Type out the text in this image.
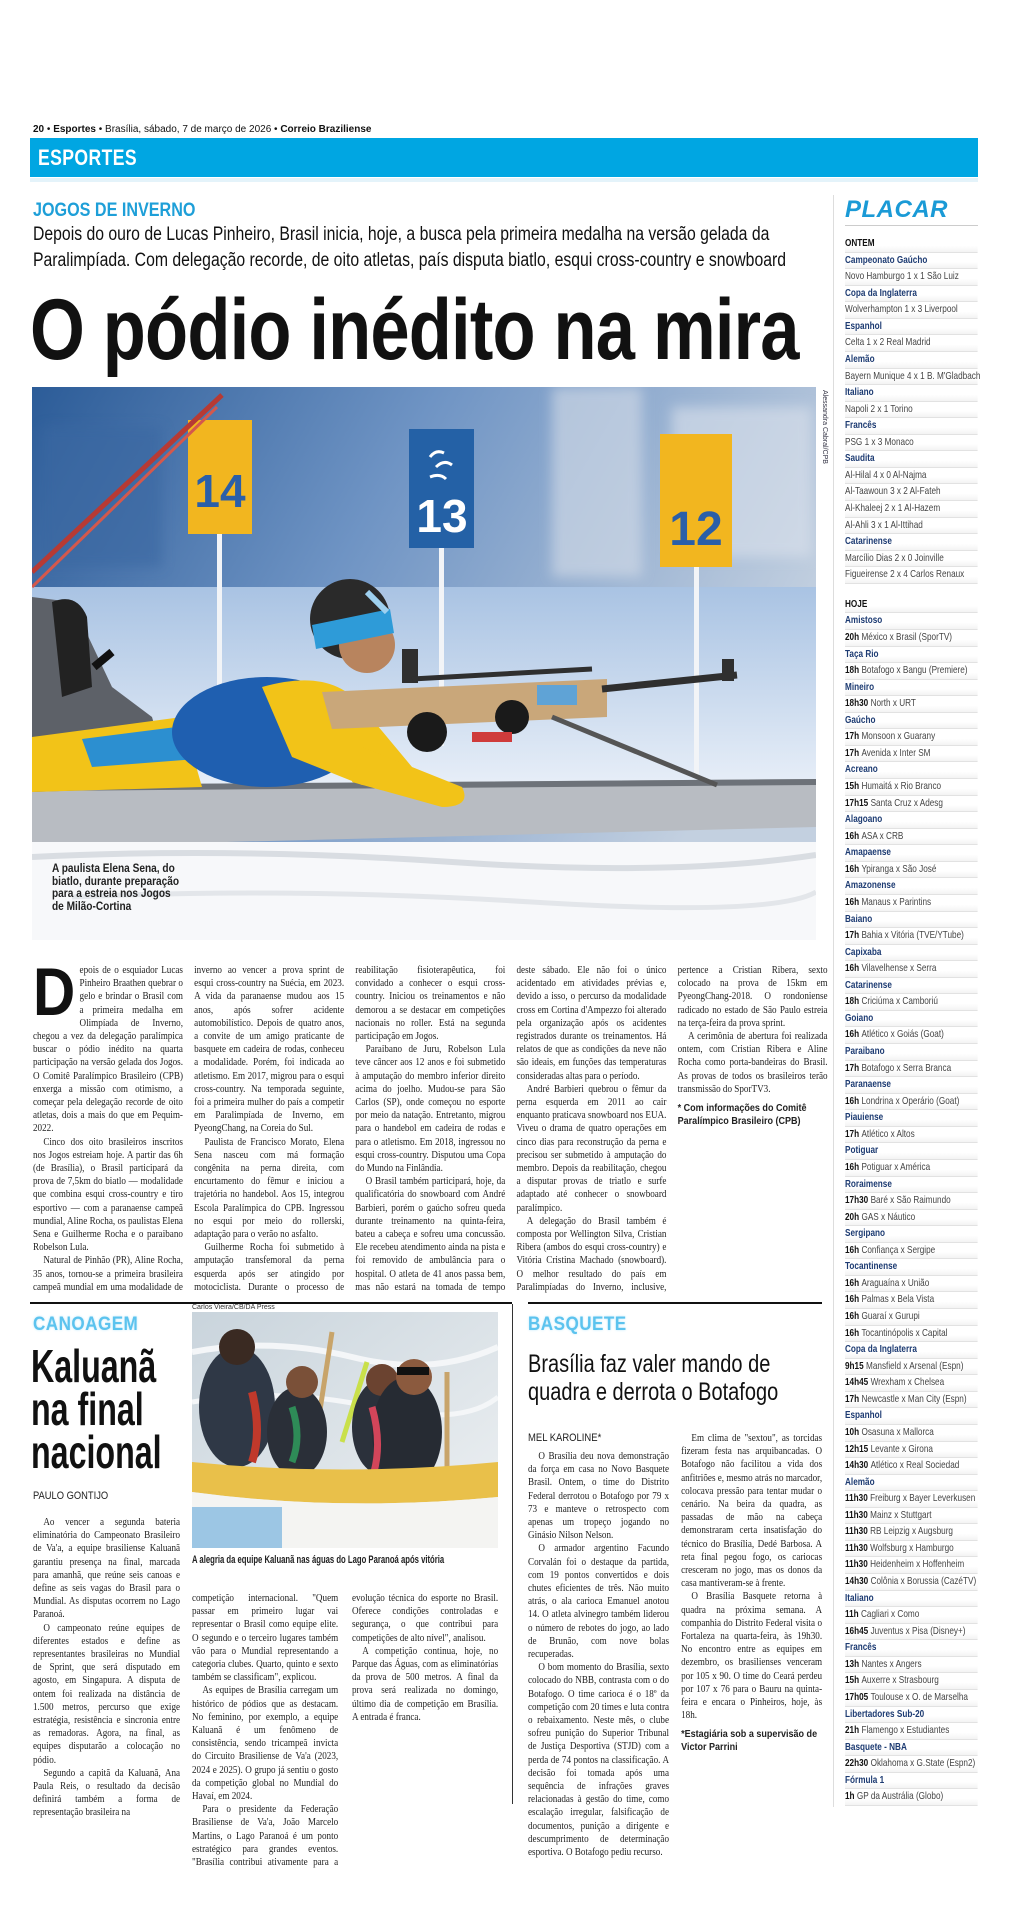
20 • Esportes • Brasília, sábado, 7 de março de 2026 • Correio Braziliense
ESPORTES
JOGOS DE INVERNO
Depois do ouro de Lucas Pinheiro, Brasil inicia, hoje, a busca pela primeira medalha na versão gelada da
Paralimpíada. Com delegação recorde, de oito atletas, país disputa biatlo, esqui cross-country e snowboard
O pódio inédito na mira
14	13	12
A paulista Elena Sena, do biatlo, durante preparação para a estreia nos Jogos de Milão-Cortina
Alessandra Cabral/CPB

Depois de o esquiador Lucas Pinheiro Braathen quebrar o gelo e brindar o Brasil com a primeira medalha em Olimpíada de Inverno, chegou a vez da delegação paralímpica buscar o pódio inédito na quarta participação na versão gelada dos Jogos. O Comitê Paralímpico Brasileiro (CPB) enxerga a missão com otimismo, a começar pela delegação recorde de oito atletas, dois a mais do que em Pequim-2022.

Cinco dos oito brasileiros inscritos nos Jogos estreiam hoje. A partir das 6h (de Brasília), o Brasil participará da prova de 7,5km do biatlo — modalidade que combina esqui cross-country e tiro esportivo — com a paranaense campeã mundial, Aline Rocha, os paulistas Elena Sena e Guilherme Rocha e o paraibano Robelson Lula.

Natural de Pinhão (PR), Aline Rocha, 35 anos, tornou-se a primeira brasileira campeã mundial em uma modalidade de inverno ao vencer a prova sprint de esqui cross-country na Suécia, em 2023. A vida da paranaense mudou aos 15 anos, após sofrer acidente automobilístico. Depois de quatro anos, a convite de um amigo praticante de basquete em cadeira de rodas, conheceu a modalidade. Porém, foi indicada ao atletismo. Em 2017, migrou para o esqui cross-country. Na temporada seguinte, foi a primeira mulher do país a competir em Paralimpíada de Inverno, em PyeongChang, na Coreia do Sul.

Paulista de Francisco Morato, Elena Sena nasceu com má formação congênita na perna direita, com encurtamento do fêmur e iniciou a trajetória no handebol. Aos 15, integrou Escola Paralímpica do CPB. Ingressou no esqui por meio do rollerski, adaptação para o verão no asfalto.

Guilherme Rocha foi submetido à amputação transfemoral da perna esquerda após ser atingido por motociclista. Durante o processo de reabilitação fisioterapêutica, foi convidado a conhecer o esqui cross-country. Iniciou os treinamentos e não demorou a se destacar em competições nacionais no roller. Está na segunda participação em Jogos.

Paraibano de Juru, Robelson Lula teve câncer aos 12 anos e foi submetido à amputação do membro inferior direito acima do joelho. Mudou-se para São Carlos (SP), onde começou no esporte por meio da natação. Entretanto, migrou para o handebol em cadeira de rodas e para o atletismo. Em 2018, ingressou no esqui cross-country. Disputou uma Copa do Mundo na Finlândia.

O Brasil também participará, hoje, da qualificatória do snowboard com André Barbieri, porém o gaúcho sofreu queda durante treinamento na quinta-feira, bateu a cabeça e sofreu uma concussão. Ele recebeu atendimento ainda na pista e foi removido de ambulância para o hospital. O atleta de 41 anos passa bem, mas não estará na tomada de tempo deste sábado. Ele não foi o único acidentado em atividades prévias e, devido a isso, o percurso da modalidade cross em Cortina d'Ampezzo foi alterado pela organização após os acidentes registrados durante os treinamentos. Há relatos de que as condições da neve não são ideais, em funções das temperaturas consideradas altas para o período.

André Barbieri quebrou o fêmur da perna esquerda em 2011 ao cair enquanto praticava snowboard nos EUA. Viveu o drama de quatro operações em cinco dias para reconstrução da perna e precisou ser submetido à amputação do membro. Depois da reabilitação, chegou a disputar provas de triatlo e surfe adaptado até conhecer o snowboard paralímpico.

A delegação do Brasil também é composta por Wellington Silva, Cristian Ribera (ambos do esqui cross-country) e Vitória Cristina Machado (snowboard). O melhor resultado do país em Paralimpíadas do Inverno, inclusive, pertence a Cristian Ribera, sexto colocado na prova de 15km em PyeongChang-2018. O rondoniense radicado no estado de São Paulo estreia na terça-feira da prova sprint.

A cerimônia de abertura foi realizada ontem, com Cristian Ribera e Aline Rocha como porta-bandeiras do Brasil. As provas de todos os brasileiros terão transmissão do SporTV3.

* Com informações do Comitê Paralímpico Brasileiro (CPB)

CANOAGEM
Kaluanã
na final
nacional
PAULO GONTIJO

Ao vencer a segunda bateria eliminatória do Campeonato Brasileiro de Va'a, a equipe brasiliense Kaluanã garantiu presença na final, marcada para amanhã, que reúne seis canoas e define as seis vagas do Brasil para o Mundial. As disputas ocorrem no Lago Paranoá.

O campeonato reúne equipes de diferentes estados e define as representantes brasileiras no Mundial de Sprint, que será disputado em agosto, em Singapura. A disputa de ontem foi realizada na distância de 1.500 metros, percurso que exige estratégia, resistência e sincronia entre as remadoras. Agora, na final, as equipes disputarão a colocação no pódio.

Segundo a capitã da Kaluanã, Ana Paula Reis, o resultado da decisão definirá também a forma de representação brasileira na

Carlos Vieira/CB/DA Press
A alegria da equipe Kaluanã nas águas do Lago Paranoá após vitória

competição internacional. "Quem passar em primeiro lugar vai representar o Brasil como equipe elite. O segundo e o terceiro lugares também vão para o Mundial representando a categoria clubes. Quarto, quinto e sexto também se classificam", explicou.

As equipes de Brasília carregam um histórico de pódios que as destacam. No feminino, por exemplo, a equipe Kaluanã é um fenômeno de consistência, sendo tricampeã invicta do Circuito Brasiliense de Va'a (2023, 2024 e 2025). O grupo já sentiu o gosto da competição global no Mundial do Havaí, em 2024.

Para o presidente da Federação Brasiliense de Va'a, João Marcelo Martins, o Lago Paranoá é um ponto estratégico para grandes eventos. "Brasília contribui ativamente para a evolução técnica do esporte no Brasil. Oferece condições controladas e segurança, o que contribui para competições de alto nível", analisou.

A competição continua, hoje, no Parque das Águas, com as eliminatórias da prova de 500 metros. A final da prova será realizada no domingo, último dia de competição em Brasília. A entrada é franca.

BASQUETE
Brasília faz valer mando de
quadra e derrota o Botafogo
MEL KAROLINE*

O Brasília deu nova demonstração da força em casa no Novo Basquete Brasil. Ontem, o time do Distrito Federal derrotou o Botafogo por 79 x 73 e manteve o retrospecto com apenas um tropeço jogando no Ginásio Nilson Nelson.

O armador argentino Facundo Corvalán foi o destaque da partida, com 19 pontos convertidos e dois chutes eficientes de três. Não muito atrás, o ala carioca Emanuel anotou 14. O atleta alvinegro também liderou o número de rebotes do jogo, ao lado de Brunão, com nove bolas recuperadas.

O bom momento do Brasília, sexto colocado do NBB, contrasta com o do Botafogo. O time carioca é o 18º da competição com 20 times e luta contra o rebaixamento. Neste mês, o clube sofreu punição do Superior Tribunal de Justiça Desportiva (STJD) com a perda de 74 pontos na classificação. A decisão foi tomada após uma sequência de infrações graves relacionadas à gestão do time, como escalação irregular, falsificação de documentos, punição a dirigente e descumprimento de determinação esportiva. O Botafogo pediu recurso.

Em clima de "sextou", as torcidas fizeram festa nas arquibancadas. O Botafogo não facilitou a vida dos anfitriões e, mesmo atrás no marcador, colocava pressão para tentar mudar o cenário. Na beira da quadra, as passadas de mão na cabeça demonstraram certa insatisfação do técnico do Brasília, Dedé Barbosa. A reta final pegou fogo, os cariocas cresceram no jogo, mas os donos da casa mantiveram-se à frente.

O Brasília Basquete retorna à quadra na próxima semana. A companhia do Distrito Federal visita o Fortaleza na quarta-feira, às 19h30. No encontro entre as equipes em dezembro, os brasilienses venceram por 105 x 90. O time do Ceará perdeu por 107 x 76 para o Bauru na quinta-feira e encara o Pinheiros, hoje, às 18h.

*Estagiária sob a supervisão de Victor Parrini

PLACAR
ONTEM
Campeonato Gaúcho
Novo Hamburgo 1 x 1 São Luiz
Copa da Inglaterra
Wolverhampton 1 x 3 Liverpool
Espanhol
Celta 1 x 2 Real Madrid
Alemão
Bayern Munique 4 x 1 B. M'Gladbach
Italiano
Napoli 2 x 1 Torino
Francês
PSG 1 x 3 Monaco
Saudita
Al-Hilal 4 x 0 Al-Najma
Al-Taawoun 3 x 2 Al-Fateh
Al-Khaleej 2 x 1 Al-Hazem
Al-Ahli 3 x 1 Al-Ittihad
Catarinense
Marcílio Dias 2 x 0 Joinville
Figueirense 2 x 4 Carlos Renaux
HOJE
Amistoso
20h México x Brasil (SporTV)
Taça Rio
18h Botafogo x Bangu (Premiere)
Mineiro
18h30 North x URT
Gaúcho
17h Monsoon x Guarany
17h Avenida x Inter SM
Acreano
15h Humaitá x Rio Branco
17h15 Santa Cruz x Adesg
Alagoano
16h ASA x CRB
Amapaense
16h Ypiranga x São José
Amazonense
16h Manaus x Parintins
Baiano
17h Bahia x Vitória (TVE/YTube)
Capixaba
16h Vilavelhense x Serra
Catarinense
18h Criciúma x Camboriú
Goiano
16h Atlético x Goiás (Goat)
Paraibano
17h Botafogo x Serra Branca
Paranaense
16h Londrina x Operário (Goat)
Piauiense
17h Atlético x Altos
Potiguar
16h Potiguar x América
Roraimense
17h30 Baré x São Raimundo
20h GAS x Náutico
Sergipano
16h Confiança x Sergipe
Tocantinense
16h Araguaína x União
16h Palmas x Bela Vista
16h Guaraí x Gurupi
16h Tocantinópolis x Capital
Copa da Inglaterra
9h15 Mansfield x Arsenal (Espn)
14h45 Wrexham x Chelsea
17h Newcastle x Man City (Espn)
Espanhol
10h Osasuna x Mallorca
12h15 Levante x Girona
14h30 Atlético x Real Sociedad
Alemão
11h30 Freiburg x Bayer Leverkusen
11h30 Mainz x Stuttgart
11h30 RB Leipzig x Augsburg
11h30 Wolfsburg x Hamburgo
11h30 Heidenheim x Hoffenheim
14h30 Colônia x Borussia (CazéTV)
Italiano
11h Cagliari x Como
16h45 Juventus x Pisa (Disney+)
Francês
13h Nantes x Angers
15h Auxerre x Strasbourg
17h05 Toulouse x O. de Marselha
Libertadores Sub-20
21h Flamengo x Estudiantes
Basquete - NBA
22h30 Oklahoma x G.State (Espn2)
Fórmula 1
1h GP da Austrália (Globo)
